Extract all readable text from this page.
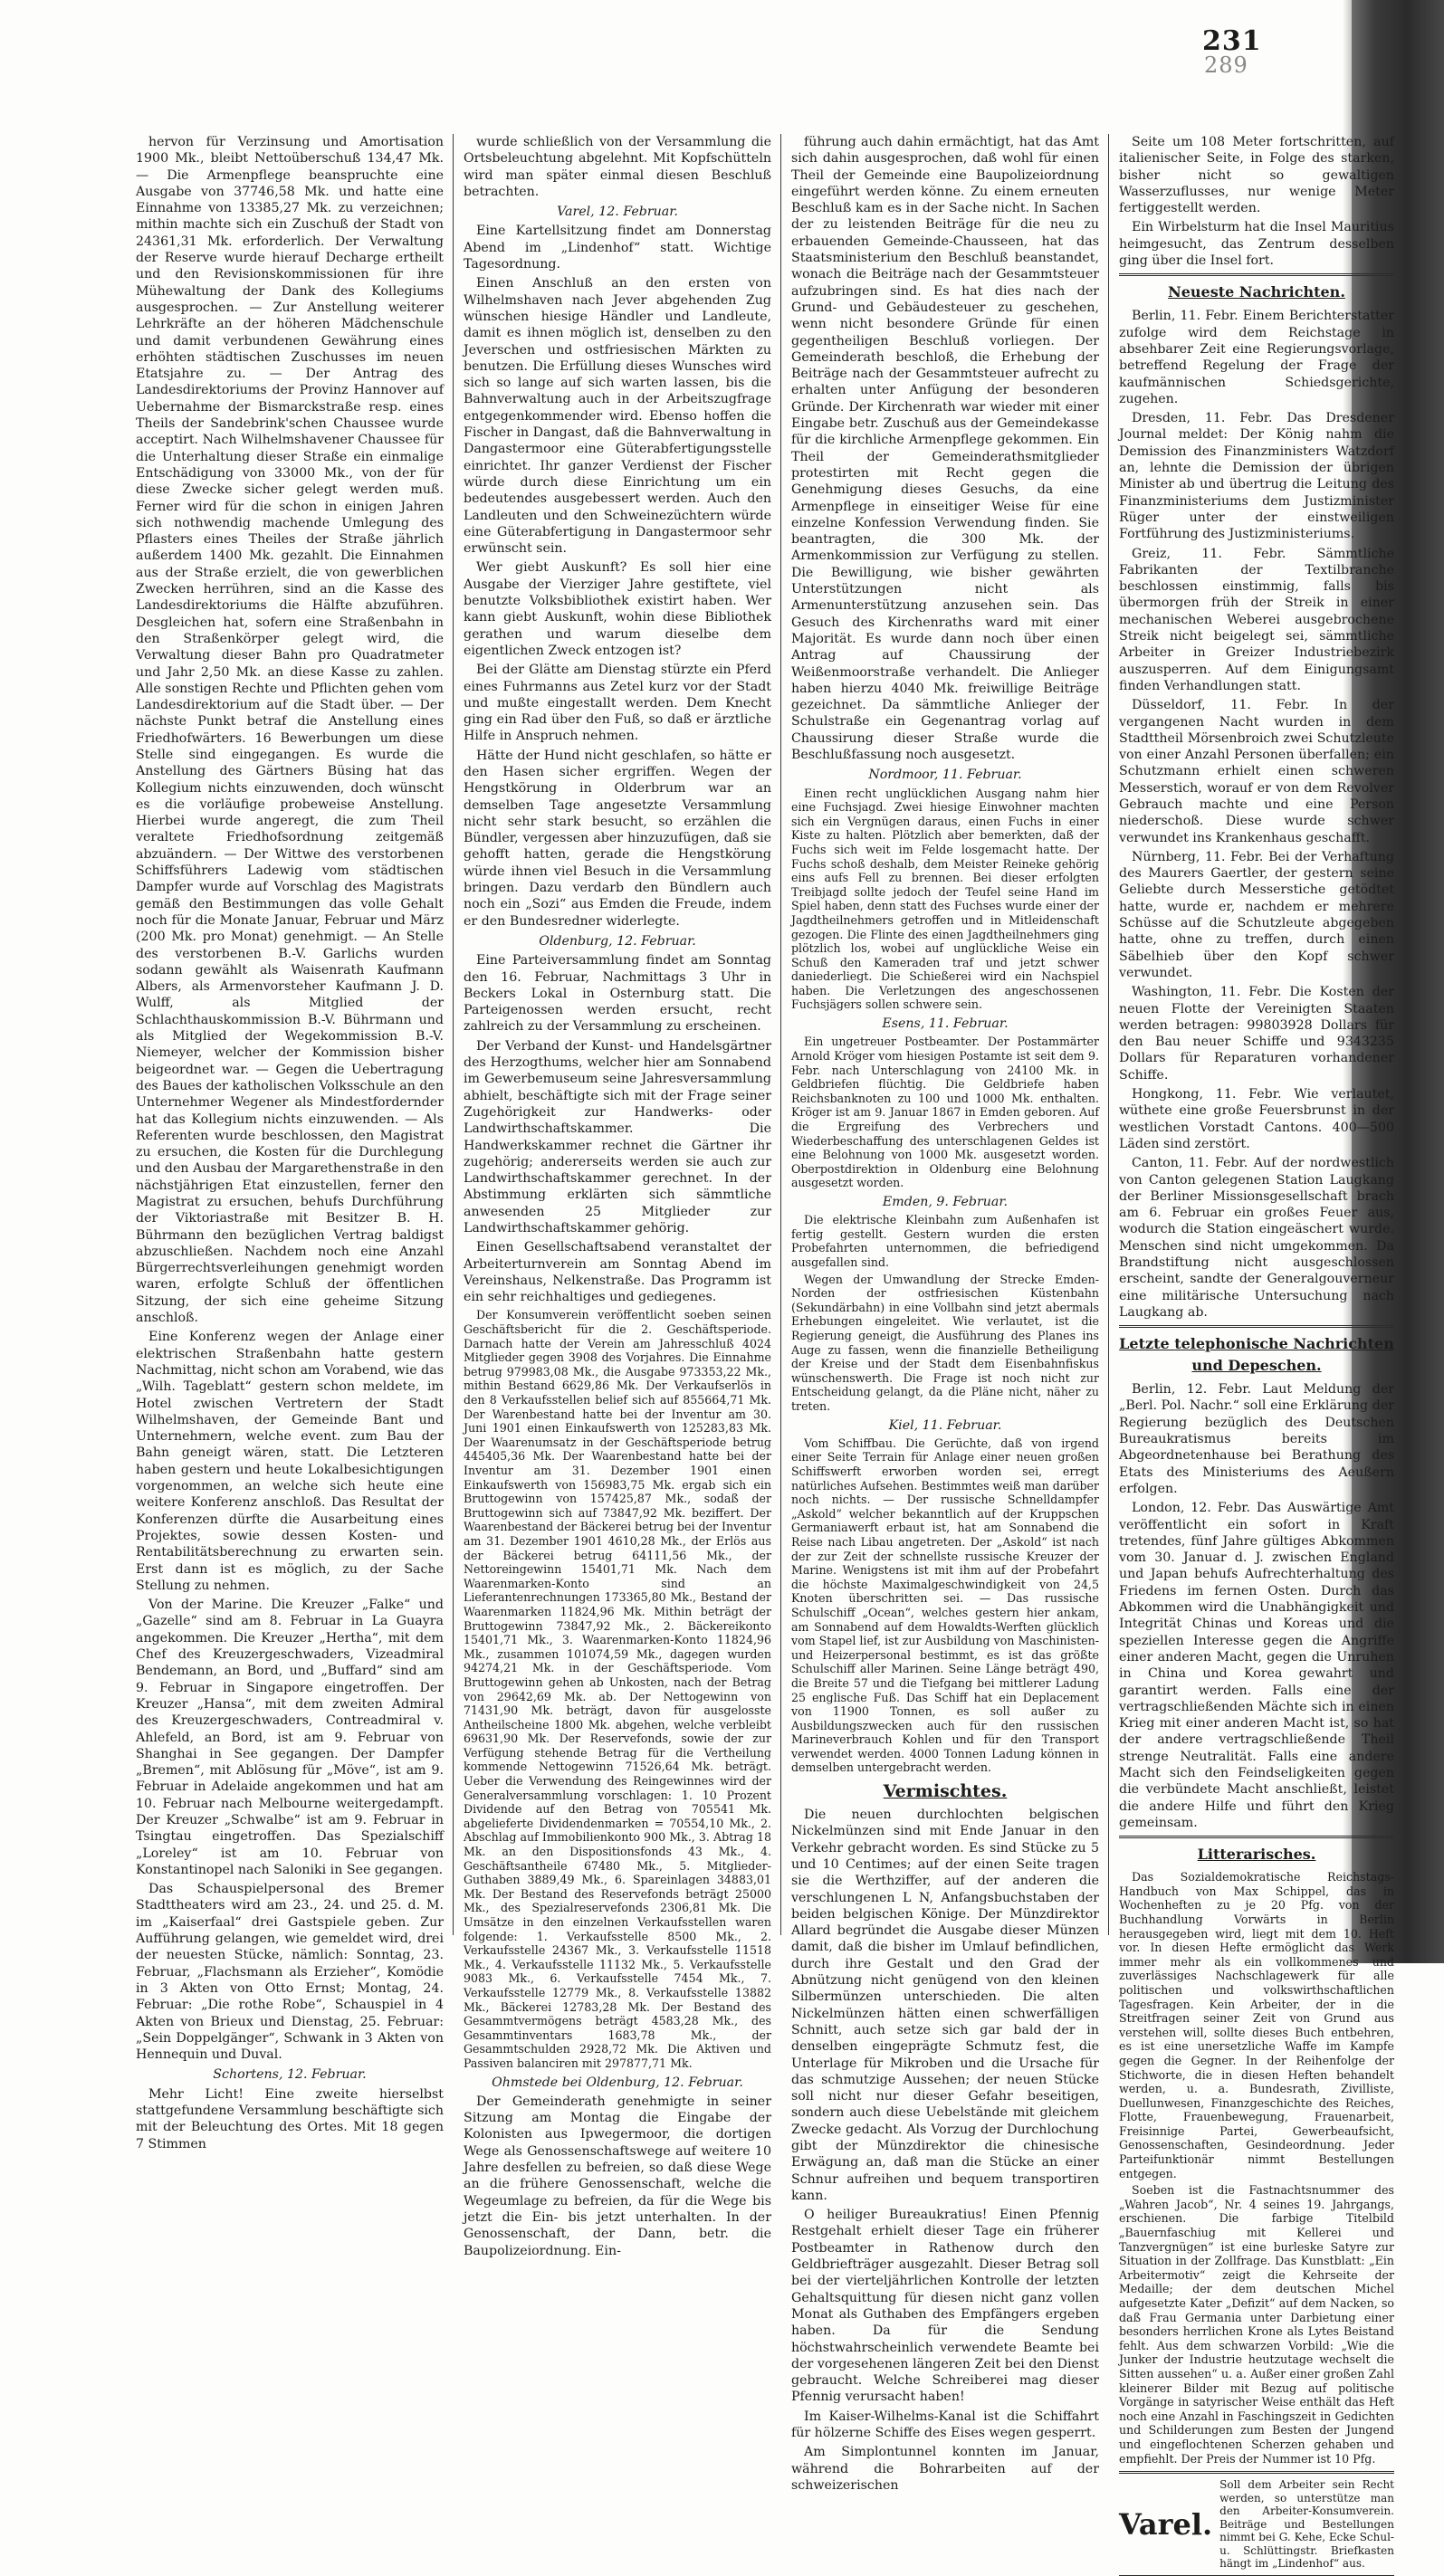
231
289

hervon für Verzinsung und Amortisation 1900 Mk., bleibt Nettoüberschuß 134,47 Mk. — Die Armenpflege beanspruchte eine Ausgabe von 37746,58 Mk. und hatte eine Einnahme von 13385,27 Mk. zu verzeichnen; mithin machte sich ein Zuschuß der Stadt von 24361,31 Mk. erforderlich. Der Verwaltung der Reserve wurde hierauf Decharge ertheilt und den Revisionskommissionen für ihre Mühewaltung der Dank des Kollegiums ausgesprochen. — Zur Anstellung weiterer Lehrkräfte an der höheren Mädchenschule und damit verbundenen Gewährung eines erhöhten städtischen Zuschusses im neuen Etatsjahre zu. — Der Antrag des Landesdirektoriums der Provinz Hannover auf Uebernahme der Bismarckstraße resp. eines Theils der Sandebrink'schen Chaussee wurde acceptirt. Nach Wilhelmshavener Chaussee für die Unterhaltung dieser Straße ein einmalige Entschädigung von 33000 Mk., von der für diese Zwecke sicher gelegt werden muß. Ferner wird für die schon in einigen Jahren sich nothwendig machende Umlegung des Pflasters eines Theiles der Straße jährlich außerdem 1400 Mk. gezahlt. Die Einnahmen aus der Straße erzielt, die von gewerblichen Zwecken herrühren, sind an die Kasse des Landesdirektoriums die Hälfte abzuführen. Desgleichen hat, sofern eine Straßenbahn in den Straßenkörper gelegt wird, die Verwaltung dieser Bahn pro Quadratmeter und Jahr 2,50 Mk. an diese Kasse zu zahlen. Alle sonstigen Rechte und Pflichten gehen vom Landesdirektorium auf die Stadt über. — Der nächste Punkt betraf die Anstellung eines Friedhofwärters. 16 Bewerbungen um diese Stelle sind eingegangen. Es wurde die Anstellung des Gärtners Büsing hat das Kollegium nichts einzuwenden, doch wünscht es die vorläufige probeweise Anstellung. Hierbei wurde angeregt, die zum Theil veraltete Friedhofsordnung zeitgemäß abzuändern. — Der Wittwe des verstorbenen Schiffsführers Ladewig vom städtischen Dampfer wurde auf Vorschlag des Magistrats gemäß den Bestimmungen das volle Gehalt noch für die Monate Januar, Februar und März (200 Mk. pro Monat) genehmigt. — An Stelle des verstorbenen B.-V. Garlichs wurden sodann gewählt als Waisenrath Kaufmann Albers, als Armenvorsteher Kaufmann J. D. Wulff, als Mitglied der Schlachthauskommission B.-V. Bührmann und als Mitglied der Wegekommission B.-V. Niemeyer, welcher der Kommission bisher beigeordnet war. — Gegen die Uebertragung des Baues der katholischen Volksschule an den Unternehmer Wegener als Mindestfordernder hat das Kollegium nichts einzuwenden. — Als Referenten wurde beschlossen, den Magistrat zu ersuchen, die Kosten für die Durchlegung und den Ausbau der Margarethenstraße in den nächstjährigen Etat einzustellen, ferner den Magistrat zu ersuchen, behufs Durchführung der Viktoriastraße mit Besitzer B. H. Bührmann den bezüglichen Vertrag baldigst abzuschließen. Nachdem noch eine Anzahl Bürgerrechtsverleihungen genehmigt worden waren, erfolgte Schluß der öffentlichen Sitzung, der sich eine geheime Sitzung anschloß.

Eine Konferenz wegen der Anlage einer elektrischen Straßenbahn hatte gestern Nachmittag, nicht schon am Vorabend, wie das „Wilh. Tageblatt“ gestern schon meldete, im Hotel zwischen Vertretern der Stadt Wilhelmshaven, der Gemeinde Bant und Unternehmern, welche event. zum Bau der Bahn geneigt wären, statt. Die Letzteren haben gestern und heute Lokalbesichtigungen vorgenommen, an welche sich heute eine weitere Konferenz anschloß. Das Resultat der Konferenzen dürfte die Ausarbeitung eines Projektes, sowie dessen Kosten- und Rentabilitätsberechnung zu erwarten sein. Erst dann ist es möglich, zu der Sache Stellung zu nehmen.

Von der Marine. Die Kreuzer „Falke“ und „Gazelle“ sind am 8. Februar in La Guayra angekommen. Die Kreuzer „Hertha“, mit dem Chef des Kreuzergeschwaders, Vizeadmiral Bendemann, an Bord, und „Buffard“ sind am 9. Februar in Singapore eingetroffen. Der Kreuzer „Hansa“, mit dem zweiten Admiral des Kreuzergeschwaders, Contreadmiral v. Ahlefeld, an Bord, ist am 9. Februar von Shanghai in See gegangen. Der Dampfer „Bremen“, mit Ablösung für „Möve“, ist am 9. Februar in Adelaide angekommen und hat am 10. Februar nach Melbourne weitergedampft. Der Kreuzer „Schwalbe“ ist am 9. Februar in Tsingtau eingetroffen. Das Spezialschiff „Loreley“ ist am 10. Februar von Konstantinopel nach Saloniki in See gegangen.

Das Schauspielpersonal des Bremer Stadttheaters wird am 23., 24. und 25. d. M. im „Kaiserfaal“ drei Gastspiele geben. Zur Aufführung gelangen, wie gemeldet wird, drei der neuesten Stücke, nämlich: Sonntag, 23. Februar, „Flachsmann als Erzieher“, Komödie in 3 Akten von Otto Ernst; Montag, 24. Februar: „Die rothe Robe“, Schauspiel in 4 Akten von Brieux und Dienstag, 25. Februar: „Sein Doppelgänger“, Schwank in 3 Akten von Hennequin und Duval.

Schortens, 12. Februar.

Mehr Licht! Eine zweite hierselbst stattgefundene Versammlung beschäftigte sich mit der Beleuchtung des Ortes. Mit 18 gegen 7 Stimmen

wurde schließlich von der Versammlung die Ortsbeleuchtung abgelehnt. Mit Kopfschütteln wird man später einmal diesen Beschluß betrachten.

Varel, 12. Februar.

Eine Kartellsitzung findet am Donnerstag Abend im „Lindenhof“ statt. Wichtige Tagesordnung.

Einen Anschluß an den ersten von Wilhelmshaven nach Jever abgehenden Zug wünschen hiesige Händler und Landleute, damit es ihnen möglich ist, denselben zu den Jeverschen und ostfriesischen Märkten zu benutzen. Die Erfüllung dieses Wunsches wird sich so lange auf sich warten lassen, bis die Bahnverwaltung auch in der Arbeitszugfrage entgegenkommender wird. Ebenso hoffen die Fischer in Dangast, daß die Bahnverwaltung in Dangastermoor eine Güterabfertigungsstelle einrichtet. Ihr ganzer Verdienst der Fischer würde durch diese Einrichtung um ein bedeutendes ausgebessert werden. Auch den Landleuten und den Schweinezüchtern würde eine Güterabfertigung in Dangastermoor sehr erwünscht sein.

Wer giebt Auskunft? Es soll hier eine Ausgabe der Vierziger Jahre gestiftete, viel benutzte Volksbibliothek existirt haben. Wer kann giebt Auskunft, wohin diese Bibliothek gerathen und warum dieselbe dem eigentlichen Zweck entzogen ist?

Bei der Glätte am Dienstag stürzte ein Pferd eines Fuhrmanns aus Zetel kurz vor der Stadt und mußte eingestallt werden. Dem Knecht ging ein Rad über den Fuß, so daß er ärztliche Hilfe in Anspruch nehmen.

Hätte der Hund nicht geschlafen, so hätte er den Hasen sicher ergriffen. Wegen der Hengstkörung in Olderbrum war an demselben Tage angesetzte Versammlung nicht sehr stark besucht, so erzählen die Bündler, vergessen aber hinzuzufügen, daß sie gehofft hatten, gerade die Hengstkörung würde ihnen viel Besuch in die Versammlung bringen. Dazu verdarb den Bündlern auch noch ein „Sozi“ aus Emden die Freude, indem er den Bundesredner widerlegte.

Oldenburg, 12. Februar.

Eine Parteiversammlung findet am Sonntag den 16. Februar, Nachmittags 3 Uhr in Beckers Lokal in Osternburg statt. Die Parteigenossen werden ersucht, recht zahlreich zu der Versammlung zu erscheinen.

Der Verband der Kunst- und Handelsgärtner des Herzogthums, welcher hier am Sonnabend im Gewerbemuseum seine Jahresversammlung abhielt, beschäftigte sich mit der Frage seiner Zugehörigkeit zur Handwerks- oder Landwirthschaftskammer. Die Handwerkskammer rechnet die Gärtner ihr zugehörig; andererseits werden sie auch zur Landwirthschaftskammer gerechnet. In der Abstimmung erklärten sich sämmtliche anwesenden 25 Mitglieder zur Landwirthschaftskammer gehörig.

Einen Gesellschaftsabend veranstaltet der Arbeiterturnverein am Sonntag Abend im Vereinshaus, Nelkenstraße. Das Programm ist ein sehr reichhaltiges und gediegenes.

Der Konsumverein veröffentlicht soeben seinen Geschäftsbericht für die 2. Geschäftsperiode. Darnach hatte der Verein am Jahresschluß 4024 Mitglieder gegen 3908 des Vorjahres. Die Einnahme betrug 979983,08 Mk., die Ausgabe 973353,22 Mk., mithin Bestand 6629,86 Mk. Der Verkaufserlös in den 8 Verkaufsstellen belief sich auf 855664,71 Mk. Der Warenbestand hatte bei der Inventur am 30. Juni 1901 einen Einkaufswerth von 125283,83 Mk. Der Waarenumsatz in der Geschäftsperiode betrug 445405,36 Mk. Der Waarenbestand hatte bei der Inventur am 31. Dezember 1901 einen Einkaufswerth von 156983,75 Mk. ergab sich ein Bruttogewinn von 157425,87 Mk., sodaß der Bruttogewinn sich auf 73847,92 Mk. beziffert. Der Waarenbestand der Bäckerei betrug bei der Inventur am 31. Dezember 1901 4610,28 Mk., der Erlös aus der Bäckerei betrug 64111,56 Mk., der Nettoreingewinn 15401,71 Mk. Nach dem Waarenmarken-Konto sind an Lieferantenrechnungen 173365,80 Mk., Bestand der Waarenmarken 11824,96 Mk. Mithin beträgt der Bruttogewinn 73847,92 Mk., 2. Bäckereikonto 15401,71 Mk., 3. Waarenmarken-Konto 11824,96 Mk., zusammen 101074,59 Mk., dagegen wurden 94274,21 Mk. in der Geschäftsperiode. Vom Bruttogewinn gehen ab Unkosten, nach der Betrag von 29642,69 Mk. ab. Der Nettogewinn von 71431,90 Mk. beträgt, davon für ausgelosste Antheilscheine 1800 Mk. abgehen, welche verbleibt 69631,90 Mk. Der Reservefonds, sowie der zur Verfügung stehende Betrag für die Vertheilung kommende Nettogewinn 71526,64 Mk. beträgt. Ueber die Verwendung des Reingewinnes wird der Generalversammlung vorschlagen: 1. 10 Prozent Dividende auf den Betrag von 705541 Mk. abgelieferte Dividendenmarken = 70554,10 Mk., 2. Abschlag auf Immobilienkonto 900 Mk., 3. Abtrag 18 Mk. an den Dispositionsfonds 43 Mk., 4. Geschäftsantheile 67480 Mk., 5. Mitglieder-Guthaben 3889,49 Mk., 6. Spareinlagen 34883,01 Mk. Der Bestand des Reservefonds beträgt 25000 Mk., des Spezialreservefonds 2306,81 Mk. Die Umsätze in den einzelnen Verkaufsstellen waren folgende: 1. Verkaufsstelle 8500 Mk., 2. Verkaufsstelle 24367 Mk., 3. Verkaufsstelle 11518 Mk., 4. Verkaufsstelle 11132 Mk., 5. Verkaufsstelle 9083 Mk., 6. Verkaufsstelle 7454 Mk., 7. Verkaufsstelle 12779 Mk., 8. Verkaufsstelle 13882 Mk., Bäckerei 12783,28 Mk. Der Bestand des Gesammtvermögens beträgt 4583,28 Mk., des Gesammtinventars 1683,78 Mk., der Gesammtschulden 2928,72 Mk. Die Aktiven und Passiven balanciren mit 297877,71 Mk.

Ohmstede bei Oldenburg, 12. Februar.

Der Gemeinderath genehmigte in seiner Sitzung am Montag die Eingabe der Kolonisten aus Ipwegermoor, die dortigen Wege als Genossenschaftswege auf weitere 10 Jahre desfellen zu befreien, so daß diese Wege an die frühere Genossenschaft, welche die Wegeumlage zu befreien, da für die Wege bis jetzt die Ein- bis jetzt unterhalten. In der Genossenschaft, der Dann, betr. die Baupolizeiordnung. Ein-

führung auch dahin ermächtigt, hat das Amt sich dahin ausgesprochen, daß wohl für einen Theil der Gemeinde eine Baupolizeiordnung eingeführt werden könne. Zu einem erneuten Beschluß kam es in der Sache nicht. In Sachen der zu leistenden Beiträge für die neu zu erbauenden Gemeinde-Chausseen, hat das Staatsministerium den Beschluß beanstandet, wonach die Beiträge nach der Gesammtsteuer aufzubringen sind. Es hat dies nach der Grund- und Gebäudesteuer zu geschehen, wenn nicht besondere Gründe für einen gegentheiligen Beschluß vorliegen. Der Gemeinderath beschloß, die Erhebung der Beiträge nach der Gesammtsteuer aufrecht zu erhalten unter Anfügung der besonderen Gründe. Der Kirchenrath war wieder mit einer Eingabe betr. Zuschuß aus der Gemeindekasse für die kirchliche Armenpflege gekommen. Ein Theil der Gemeinderathsmitglieder protestirten mit Recht gegen die Genehmigung dieses Gesuchs, da eine Armenpflege in einseitiger Weise für eine einzelne Konfession Verwendung finden. Sie beantragten, die 300 Mk. der Armenkommission zur Verfügung zu stellen. Die Bewilligung, wie bisher gewährten Unterstützungen nicht als Armenunterstützung anzusehen sein. Das Gesuch des Kirchenraths ward mit einer Majorität. Es wurde dann noch über einen Antrag auf Chaussirung der Weißenmoorstraße verhandelt. Die Anlieger haben hierzu 4040 Mk. freiwillige Beiträge gezeichnet. Da sämmtliche Anlieger der Schulstraße ein Gegenantrag vorlag auf Chaussirung dieser Straße wurde die Beschlußfassung noch ausgesetzt.

Nordmoor, 11. Februar.

Einen recht unglücklichen Ausgang nahm hier eine Fuchsjagd. Zwei hiesige Einwohner machten sich ein Vergnügen daraus, einen Fuchs in einer Kiste zu halten. Plötzlich aber bemerkten, daß der Fuchs sich weit im Felde losgemacht hatte. Der Fuchs schoß deshalb, dem Meister Reineke gehörig eins aufs Fell zu brennen. Bei dieser erfolgten Treibjagd sollte jedoch der Teufel seine Hand im Spiel haben, denn statt des Fuchses wurde einer der Jagdtheilnehmers getroffen und in Mitleidenschaft gezogen. Die Flinte des einen Jagdtheilnehmers ging plötzlich los, wobei auf unglückliche Weise ein Schuß den Kameraden traf und jetzt schwer daniederliegt. Die Schießerei wird ein Nachspiel haben. Die Verletzungen des angeschossenen Fuchsjägers sollen schwere sein.

Esens, 11. Februar.

Ein ungetreuer Postbeamter. Der Postammärter Arnold Kröger vom hiesigen Postamte ist seit dem 9. Febr. nach Unterschlagung von 24100 Mk. in Geldbriefen flüchtig. Die Geldbriefe haben Reichsbanknoten zu 100 und 1000 Mk. enthalten. Kröger ist am 9. Januar 1867 in Emden geboren. Auf die Ergreifung des Verbrechers und Wiederbeschaffung des unterschlagenen Geldes ist eine Belohnung von 1000 Mk. ausgesetzt worden. Oberpostdirektion in Oldenburg eine Belohnung ausgesetzt worden.

Emden, 9. Februar.

Die elektrische Kleinbahn zum Außenhafen ist fertig gestellt. Gestern wurden die ersten Probefahrten unternommen, die befriedigend ausgefallen sind.

Wegen der Umwandlung der Strecke Emden-Norden der ostfriesischen Küstenbahn (Sekundärbahn) in eine Vollbahn sind jetzt abermals Erhebungen eingeleitet. Wie verlautet, ist die Regierung geneigt, die Ausführung des Planes ins Auge zu fassen, wenn die finanzielle Betheiligung der Kreise und der Stadt dem Eisenbahnfiskus wünschenswerth. Die Frage ist noch nicht zur Entscheidung gelangt, da die Pläne nicht, näher zu treten.

Kiel, 11. Februar.

Vom Schiffbau. Die Gerüchte, daß von irgend einer Seite Terrain für Anlage einer neuen großen Schiffswerft erworben worden sei, erregt natürliches Aufsehen. Bestimmtes weiß man darüber noch nichts. — Der russische Schnelldampfer „Askold“ welcher bekanntlich auf der Kruppschen Germaniawerft erbaut ist, hat am Sonnabend die Reise nach Libau angetreten. Der „Askold“ ist nach der zur Zeit der schnellste russische Kreuzer der Marine. Wenigstens ist mit ihm auf der Probefahrt die höchste Maximalgeschwindigkeit von 24,5 Knoten überschritten sei. — Das russische Schulschiff „Ocean“, welches gestern hier ankam, am Sonnabend auf dem Howaldts-Werften glücklich vom Stapel lief, ist zur Ausbildung von Maschinisten- und Heizerpersonal bestimmt, es ist das größte Schulschiff aller Marinen. Seine Länge beträgt 490, die Breite 57 und die Tiefgang bei mittlerer Ladung 25 englische Fuß. Das Schiff hat ein Deplacement von 11900 Tonnen, es soll außer zu Ausbildungszwecken auch für den russischen Marineverbrauch Kohlen und für den Transport verwendet werden. 4000 Tonnen Ladung können in demselben untergebracht werden.

Vermischtes.

Die neuen durchlochten belgischen Nickelmünzen sind mit Ende Januar in den Verkehr gebracht worden. Es sind Stücke zu 5 und 10 Centimes; auf der einen Seite tragen sie die Werthziffer, auf der anderen die verschlungenen L N, Anfangsbuchstaben der beiden belgischen Könige. Der Münzdirektor Allard begründet die Ausgabe dieser Münzen damit, daß die bisher im Umlauf befindlichen, durch ihre Gestalt und den Grad der Abnützung nicht genügend von den kleinen Silbermünzen unterschieden. Die alten Nickelmünzen hätten einen schwerfälligen Schnitt, auch setze sich gar bald der in denselben eingeprägte Schmutz fest, die Unterlage für Mikroben und die Ursache für das schmutzige Aussehen; der neuen Stücke soll nicht nur dieser Gefahr beseitigen, sondern auch diese Uebelstände mit gleichem Zwecke gedacht. Als Vorzug der Durchlochung gibt der Münzdirektor die chinesische Erwägung an, daß man die Stücke an einer Schnur aufreihen und bequem transportiren kann.

O heiliger Bureaukratius! Einen Pfennig Restgehalt erhielt dieser Tage ein früherer Postbeamter in Rathenow durch den Geldbriefträger ausgezahlt. Dieser Betrag soll bei der vierteljährlichen Kontrolle der letzten Gehaltsquittung für diesen nicht ganz vollen Monat als Guthaben des Empfängers ergeben haben. Da für die Sendung höchstwahrscheinlich verwendete Beamte bei der vorgesehenen längeren Zeit bei den Dienst gebraucht. Welche Schreiberei mag dieser Pfennig verursacht haben!

Im Kaiser-Wilhelms-Kanal ist die Schiffahrt für hölzerne Schiffe des Eises wegen gesperrt.

Am Simplontunnel konnten im Januar, während die Bohrarbeiten auf der schweizerischen

Seite um 108 Meter fortschritten, auf italienischer Seite, in Folge des starken, bisher nicht so gewaltigen Wasserzuflusses, nur wenige Meter fertiggestellt werden.

Ein Wirbelsturm hat die Insel Mauritius heimgesucht, das Zentrum desselben ging über die Insel fort.

Neueste Nachrichten.

Berlin, 11. Febr. Einem Berichterstatter zufolge wird dem Reichstage in absehbarer Zeit eine Regierungsvorlage, betreffend Regelung der Frage der kaufmännischen Schiedsgerichte, zugehen.

Dresden, 11. Febr. Das Dresdener Journal meldet: Der König nahm die Demission des Finanzministers Watzdorf an, lehnte die Demission der übrigen Minister ab und übertrug die Leitung des Finanzministeriums dem Justizminister Rüger unter der einstweiligen Fortführung des Justizministeriums.

Greiz, 11. Febr. Sämmtliche Fabrikanten der Textilbranche beschlossen einstimmig, falls bis übermorgen früh der Streik in einer mechanischen Weberei ausgebrochene Streik nicht beigelegt sei, sämmtliche Arbeiter in Greizer Industriebezirk auszusperren. Auf dem Einigungsamt finden Verhandlungen statt.

Düsseldorf, 11. Febr. In der vergangenen Nacht wurden in dem Stadttheil Mörsenbroich zwei Schutzleute von einer Anzahl Personen überfallen; ein Schutzmann erhielt einen schweren Messerstich, worauf er von dem Revolver Gebrauch machte und eine Person niederschoß. Diese wurde schwer verwundet ins Krankenhaus geschafft.

Nürnberg, 11. Febr. Bei der Verhaftung des Maurers Gaertler, der gestern seine Geliebte durch Messerstiche getödtet hatte, wurde er, nachdem er mehrere Schüsse auf die Schutzleute abgegeben hatte, ohne zu treffen, durch einen Säbelhieb über den Kopf schwer verwundet.

Washington, 11. Febr. Die Kosten der neuen Flotte der Vereinigten Staaten werden betragen: 99803928 Dollars für den Bau neuer Schiffe und 9343235 Dollars für Reparaturen vorhandener Schiffe.

Hongkong, 11. Febr. Wie verlautet, wüthete eine große Feuersbrunst in der westlichen Vorstadt Cantons. 400—500 Läden sind zerstört.

Canton, 11. Febr. Auf der nordwestlich von Canton gelegenen Station Laugkang der Berliner Missionsgesellschaft brach am 6. Februar ein großes Feuer aus, wodurch die Station eingeäschert wurde. Menschen sind nicht umgekommen. Da Brandstiftung nicht ausgeschlossen erscheint, sandte der Generalgouverneur eine militärische Untersuchung nach Laugkang ab.

Letzte telephonische Nachrichten und Depeschen.

Berlin, 12. Febr. Laut Meldung der „Berl. Pol. Nachr.“ soll eine Erklärung der Regierung bezüglich des Deutschen Bureaukratismus bereits im Abgeordnetenhause bei Berathung des Etats des Ministeriums des Aeußern erfolgen.

London, 12. Febr. Das Auswärtige Amt veröffentlicht ein sofort in Kraft tretendes, fünf Jahre gültiges Abkommen vom 30. Januar d. J. zwischen England und Japan behufs Aufrechterhaltung des Friedens im fernen Osten. Durch das Abkommen wird die Unabhängigkeit und Integrität Chinas und Koreas und die speziellen Interesse gegen die Angriffe einer anderen Macht, gegen die Unruhen in China und Korea gewahrt und garantirt werden. Falls eine der vertragschließenden Mächte sich in einen Krieg mit einer anderen Macht ist, so hat der andere vertragschließende Theil strenge Neutralität. Falls eine andere Macht sich den Feindseligkeiten gegen die verbündete Macht anschließt, leistet die andere Hilfe und führt den Krieg gemeinsam.

Litterarisches.

Das Sozialdemokratische Reichstags-Handbuch von Max Schippel, das in Wochenheften zu je 20 Pfg. von der Buchhandlung Vorwärts in Berlin herausgegeben wird, liegt mit dem 10. Heft vor. In diesen Hefte ermöglicht das Werk immer mehr als ein vollkommenes und zuverlässiges Nachschlagewerk für alle politischen und volkswirthschaftlichen Tagesfragen. Kein Arbeiter, der in die Streitfragen seiner Zeit von Grund aus verstehen will, sollte dieses Buch entbehren, es ist eine unersetzliche Waffe im Kampfe gegen die Gegner. In der Reihenfolge der Stichworte, die in diesen Heften behandelt werden, u. a. Bundesrath, Zivilliste, Duellunwesen, Finanzgeschichte des Reiches, Flotte, Frauenbewegung, Frauenarbeit, Freisinnige Partei, Gewerbeaufsicht, Genossenschaften, Gesindeordnung. Jeder Parteifunktionär nimmt Bestellungen entgegen.

Soeben ist die Fastnachtsnummer des „Wahren Jacob“, Nr. 4 seines 19. Jahrgangs, erschienen. Die farbige Titelbild „Bauernfaschiug mit Kellerei und Tanzvergnügen“ ist eine burleske Satyre zur Situation in der Zollfrage. Das Kunstblatt: „Ein Arbeitermotiv“ zeigt die Kehrseite der Medaille; der dem deutschen Michel aufgesetzte Kater „Defizit“ auf dem Nacken, so daß Frau Germania unter Darbietung einer besonders herrlichen Krone als Lytes Beistand fehlt. Aus dem schwarzen Vorbild: „Wie die Junker der Industrie heutzutage wechselt die Sitten aussehen“ u. a. Außer einer großen Zahl kleinerer Bilder mit Bezug auf politische Vorgänge in satyrischer Weise enthält das Heft noch eine Anzahl in Faschingszeit in Gedichten und Schilderungen zum Besten der Jungend und eingeflochtenen Scherzen gehaben und empfiehlt. Der Preis der Nummer ist 10 Pfg.

Varel.
Soll dem Arbeiter sein Recht werden, so unterstütze man den Arbeiter-Konsumverein. Beiträge und Bestellungen nimmt bei G. Kehe, Ecke Schul- u. Schlüttingstr. Briefkasten hängt im „Lindenhof“ aus.
